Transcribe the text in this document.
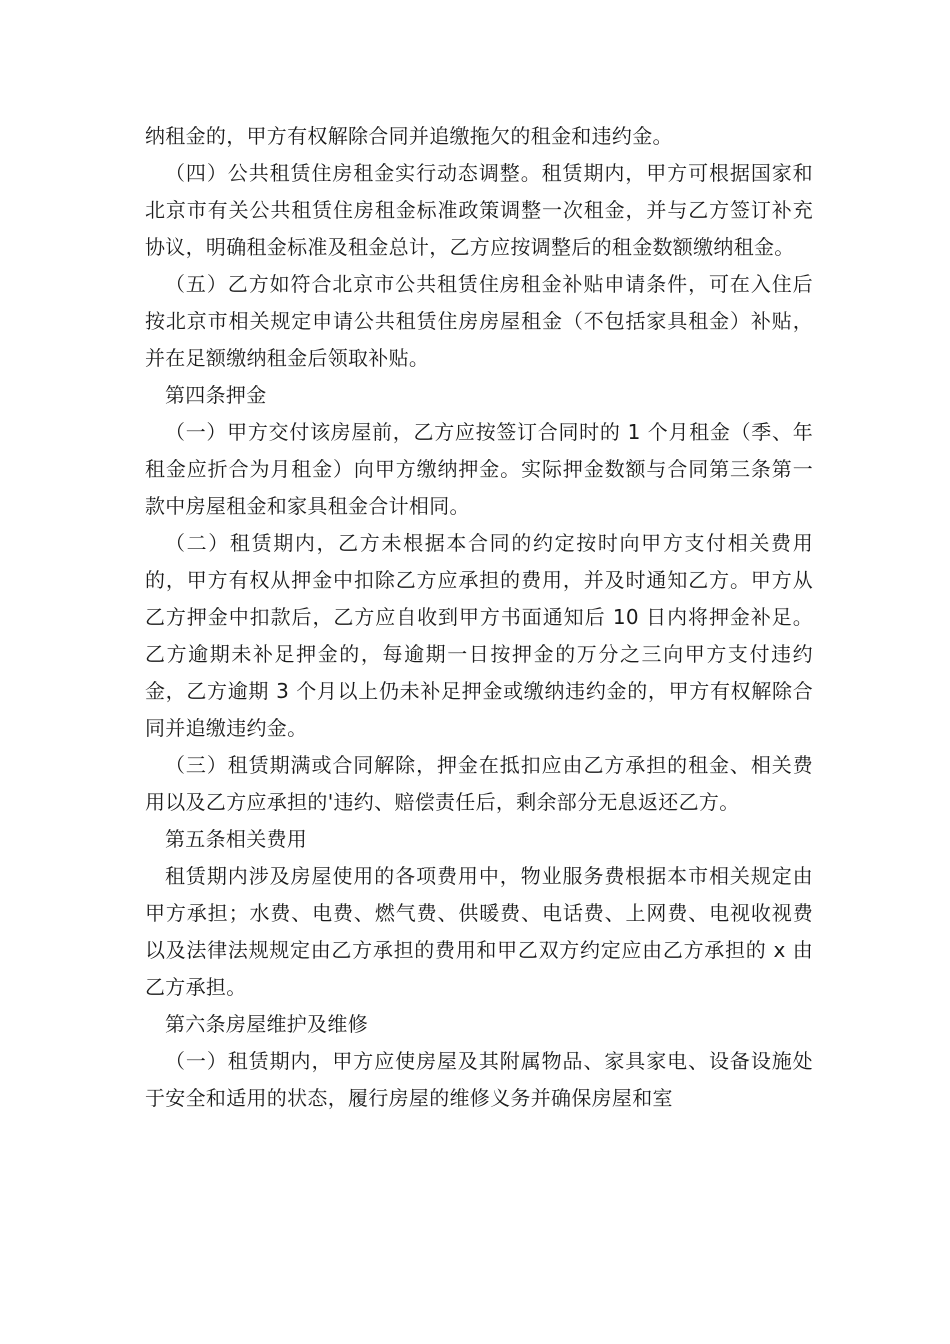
纳租金的，甲方有权解除合同并追缴拖欠的租金和违约金。

（四）公共租赁住房租金实行动态调整。租赁期内，甲方可根据国家和北京市有关公共租赁住房租金标准政策调整一次租金，并与乙方签订补充协议，明确租金标准及租金总计，乙方应按调整后的租金数额缴纳租金。

（五）乙方如符合北京市公共租赁住房租金补贴申请条件，可在入住后按北京市相关规定申请公共租赁住房房屋租金（不包括家具租金）补贴，并在足额缴纳租金后领取补贴。

第四条押金

（一）甲方交付该房屋前，乙方应按签订合同时的 1 个月租金（季、年租金应折合为月租金）向甲方缴纳押金。实际押金数额与合同第三条第一款中房屋租金和家具租金合计相同。

（二）租赁期内，乙方未根据本合同的约定按时向甲方支付相关费用的，甲方有权从押金中扣除乙方应承担的费用，并及时通知乙方。甲方从乙方押金中扣款后，乙方应自收到甲方书面通知后 10 日内将押金补足。乙方逾期未补足押金的，每逾期一日按押金的万分之三向甲方支付违约金，乙方逾期 3 个月以上仍未补足押金或缴纳违约金的，甲方有权解除合同并追缴违约金。

（三）租赁期满或合同解除，押金在抵扣应由乙方承担的租金、相关费用以及乙方应承担的'违约、赔偿责任后，剩余部分无息返还乙方。

第五条相关费用

租赁期内涉及房屋使用的各项费用中，物业服务费根据本市相关规定由甲方承担；水费、电费、燃气费、供暖费、电话费、上网费、电视收视费以及法律法规规定由乙方承担的费用和甲乙双方约定应由乙方承担的 x 由乙方承担。

第六条房屋维护及维修

（一）租赁期内，甲方应使房屋及其附属物品、家具家电、设备设施处于安全和适用的状态，履行房屋的维修义务并确保房屋和室
